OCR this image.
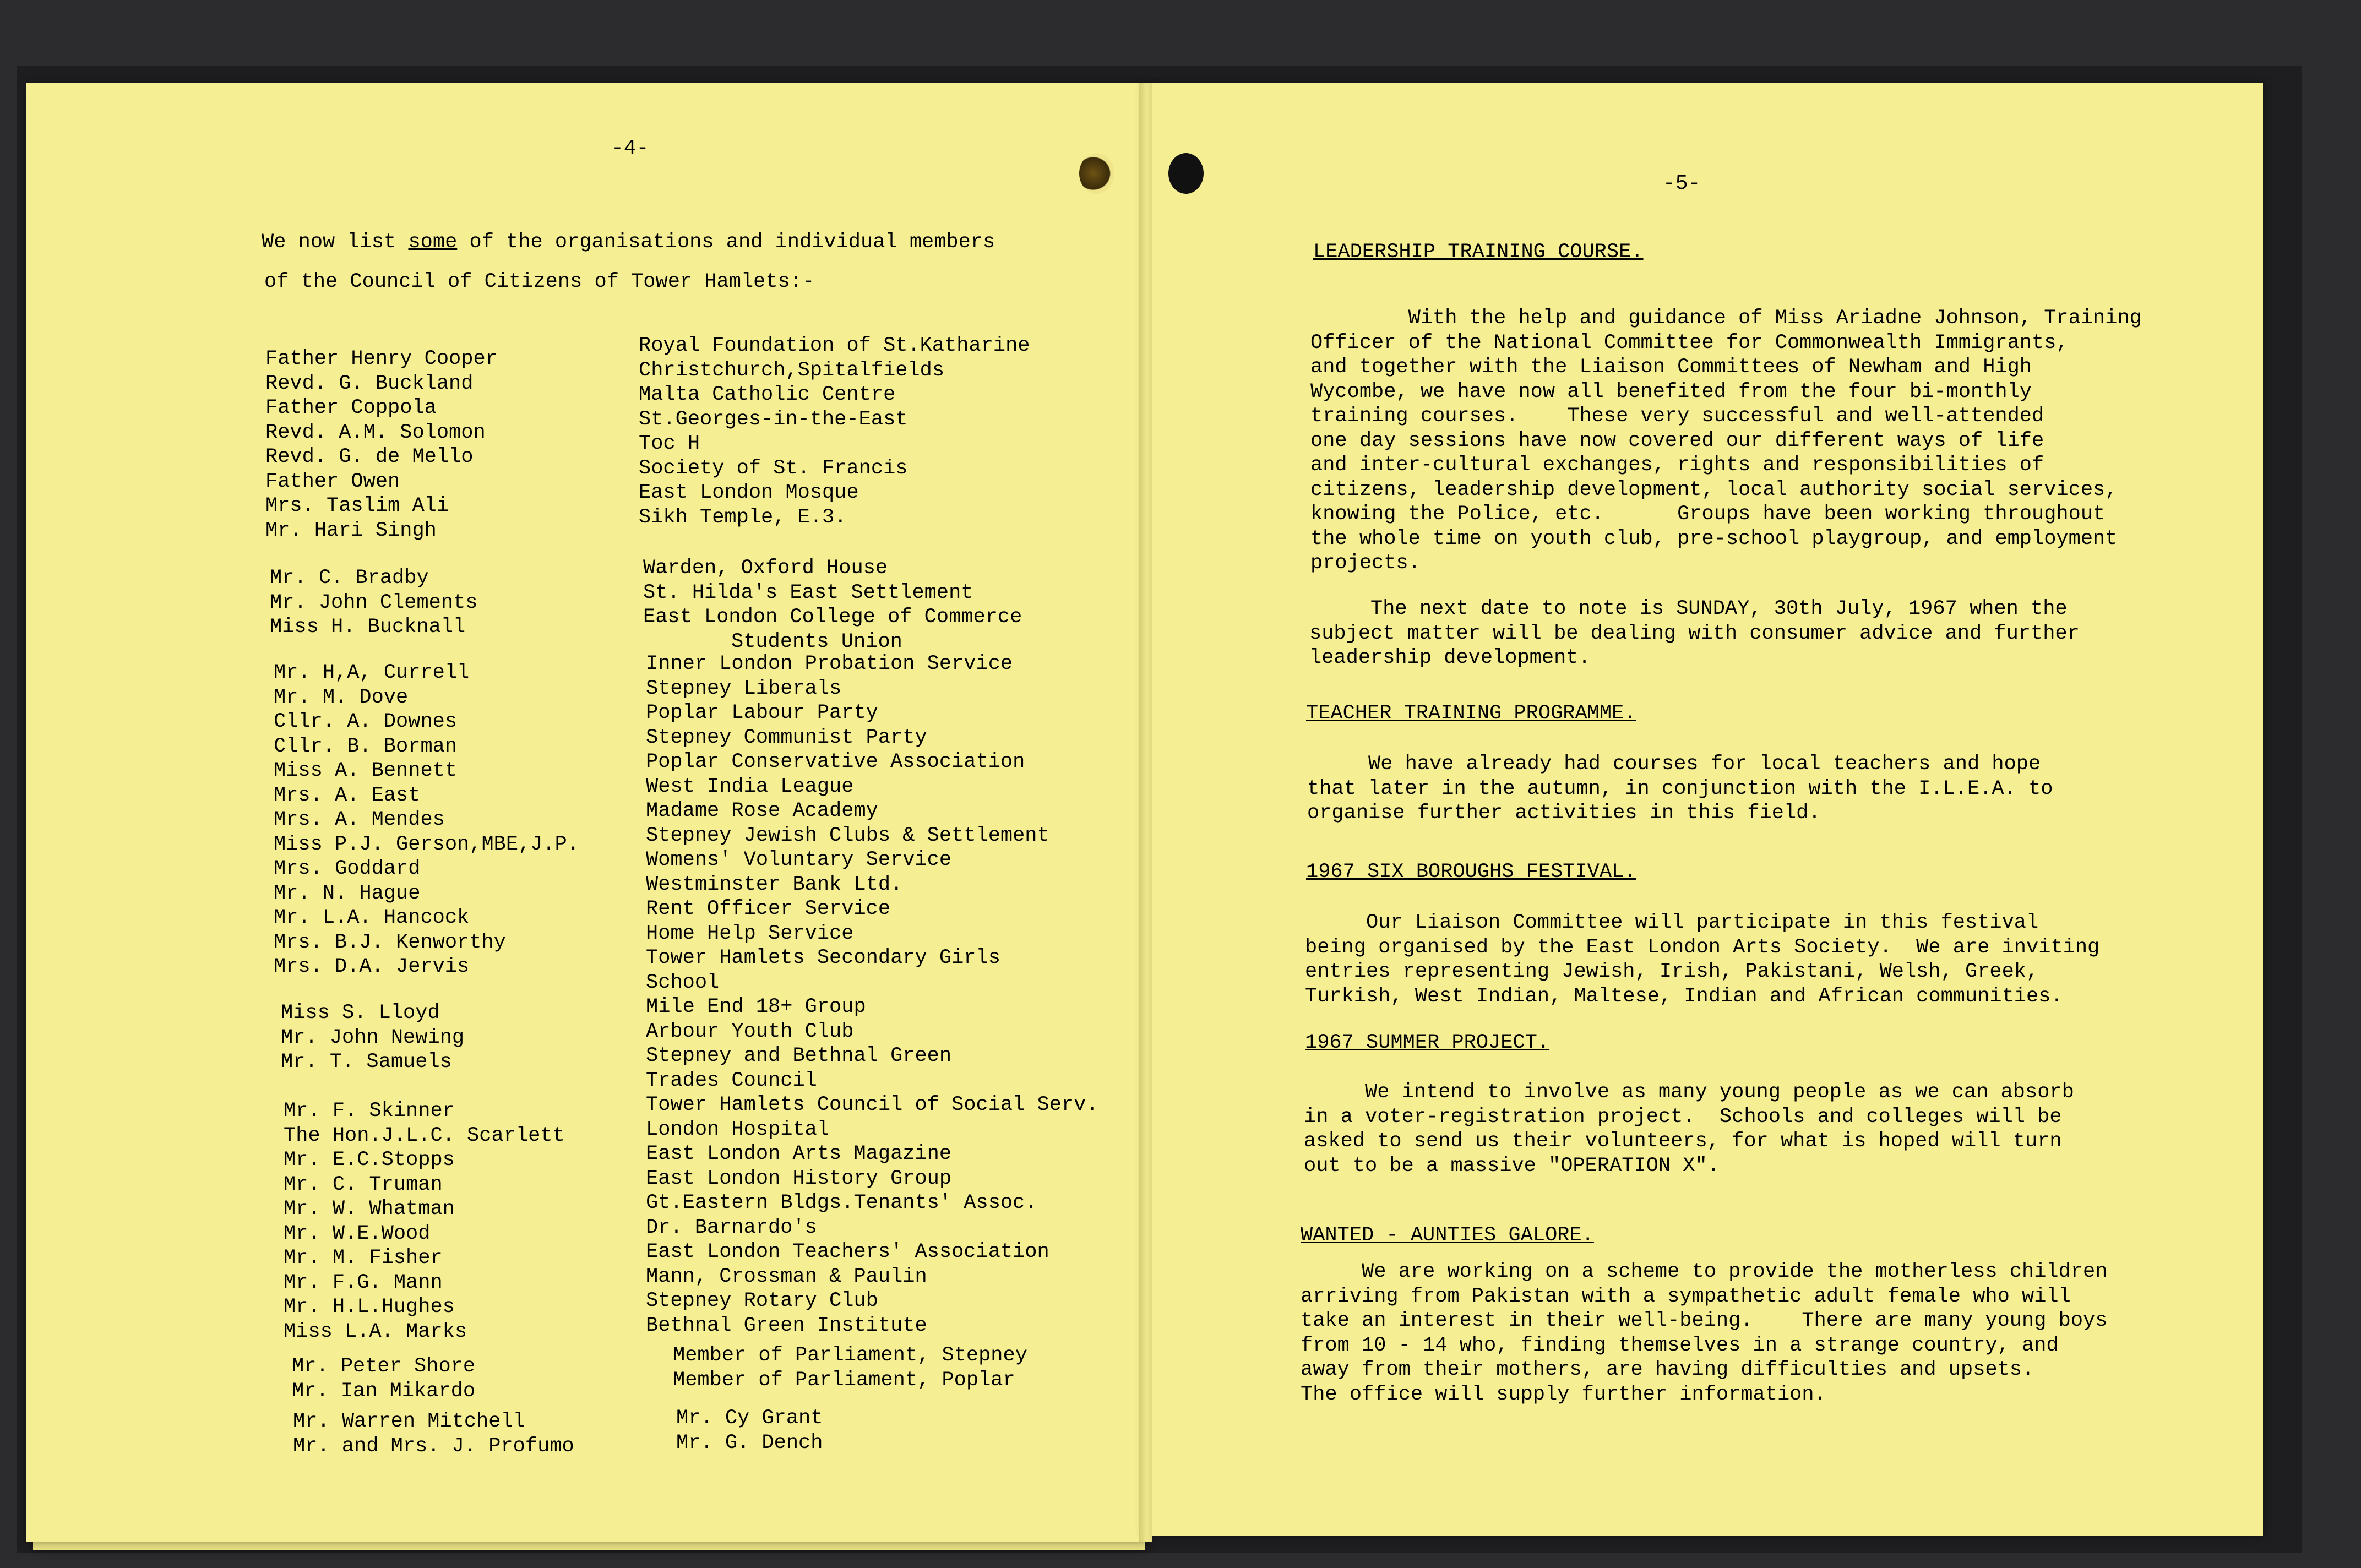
-4-
We now list some of the organisations and individual members
of the Council of Citizens of Tower Hamlets:-
Father Henry Cooper
Revd. G. Buckland
Father Coppola
Revd. A.M. Solomon
Revd. G. de Mello
Father Owen
Mrs. Taslim Ali
Mr. Hari Singh
Mr. C. Bradby
Mr. John Clements
Miss H. Bucknall
Mr. H,A, Currell
Mr. M. Dove
Cllr. A. Downes
Cllr. B. Borman
Miss A. Bennett
Mrs. A. East
Mrs. A. Mendes
Miss P.J. Gerson,MBE,J.P.
Mrs. Goddard
Mr. N. Hague
Mr. L.A. Hancock
Mrs. B.J. Kenworthy
Mrs. D.A. Jervis
Miss S. Lloyd
Mr. John Newing
Mr. T. Samuels
Mr. F. Skinner
The Hon.J.L.C. Scarlett
Mr. E.C.Stopps
Mr. C. Truman
Mr. W. Whatman
Mr. W.E.Wood
Mr. M. Fisher
Mr. F.G. Mann
Mr. H.L.Hughes
Miss L.A. Marks
Mr. Peter Shore
Mr. Ian Mikardo
Mr. Warren Mitchell
Mr. and Mrs. J. Profumo
Royal Foundation of St.Katharine
Christchurch,Spitalfields
Malta Catholic Centre
St.Georges-in-the-East
Toc H
Society of St. Francis
East London Mosque
Sikh Temple, E.3.
Warden, Oxford House
St. Hilda's East Settlement
East London College of Commerce
Students Union
Inner London Probation Service
Stepney Liberals
Poplar Labour Party
Stepney Communist Party
Poplar Conservative Association
West India League
Madame Rose Academy
Stepney Jewish Clubs & Settlement
Womens' Voluntary Service
Westminster Bank Ltd.
Rent Officer Service
Home Help Service
Tower Hamlets Secondary Girls
School
Mile End 18+ Group
Arbour Youth Club
Stepney and Bethnal Green
Trades Council
Tower Hamlets Council of Social Serv.
London Hospital
East London Arts Magazine
East London History Group
Gt.Eastern Bldgs.Tenants' Assoc.
Dr. Barnardo's
East London Teachers' Association
Mann, Crossman & Paulin
Stepney Rotary Club
Bethnal Green Institute
Member of Parliament, Stepney
Member of Parliament, Poplar
Mr. Cy Grant
Mr. G. Dench
-5-
LEADERSHIP TRAINING COURSE.
With the help and guidance of Miss Ariadne Johnson, Training
Officer of the National Committee for Commonwealth Immigrants,
and together with the Liaison Committees of Newham and High
Wycombe, we have now all benefited from the four bi-monthly
training courses.    These very successful and well-attended
one day sessions have now covered our different ways of life
and inter-cultural exchanges, rights and responsibilities of
citizens, leadership development, local authority social services,
knowing the Police, etc.      Groups have been working throughout
the whole time on youth club, pre-school playgroup, and employment
projects.
The next date to note is SUNDAY, 30th July, 1967 when the
subject matter will be dealing with consumer advice and further
leadership development.
TEACHER TRAINING PROGRAMME.
We have already had courses for local teachers and hope
that later in the autumn, in conjunction with the I.L.E.A. to
organise further activities in this field.
1967 SIX BOROUGHS FESTIVAL.
Our Liaison Committee will participate in this festival
being organised by the East London Arts Society.  We are inviting
entries representing Jewish, Irish, Pakistani, Welsh, Greek,
Turkish, West Indian, Maltese, Indian and African communities.
1967 SUMMER PROJECT.
We intend to involve as many young people as we can absorb
in a voter-registration project.  Schools and colleges will be
asked to send us their volunteers, for what is hoped will turn
out to be a massive "OPERATION X".
WANTED - AUNTIES GALORE.
We are working on a scheme to provide the motherless children
arriving from Pakistan with a sympathetic adult female who will
take an interest in their well-being.    There are many young boys
from 10 - 14 who, finding themselves in a strange country, and
away from their mothers, are having difficulties and upsets.
The office will supply further information.
